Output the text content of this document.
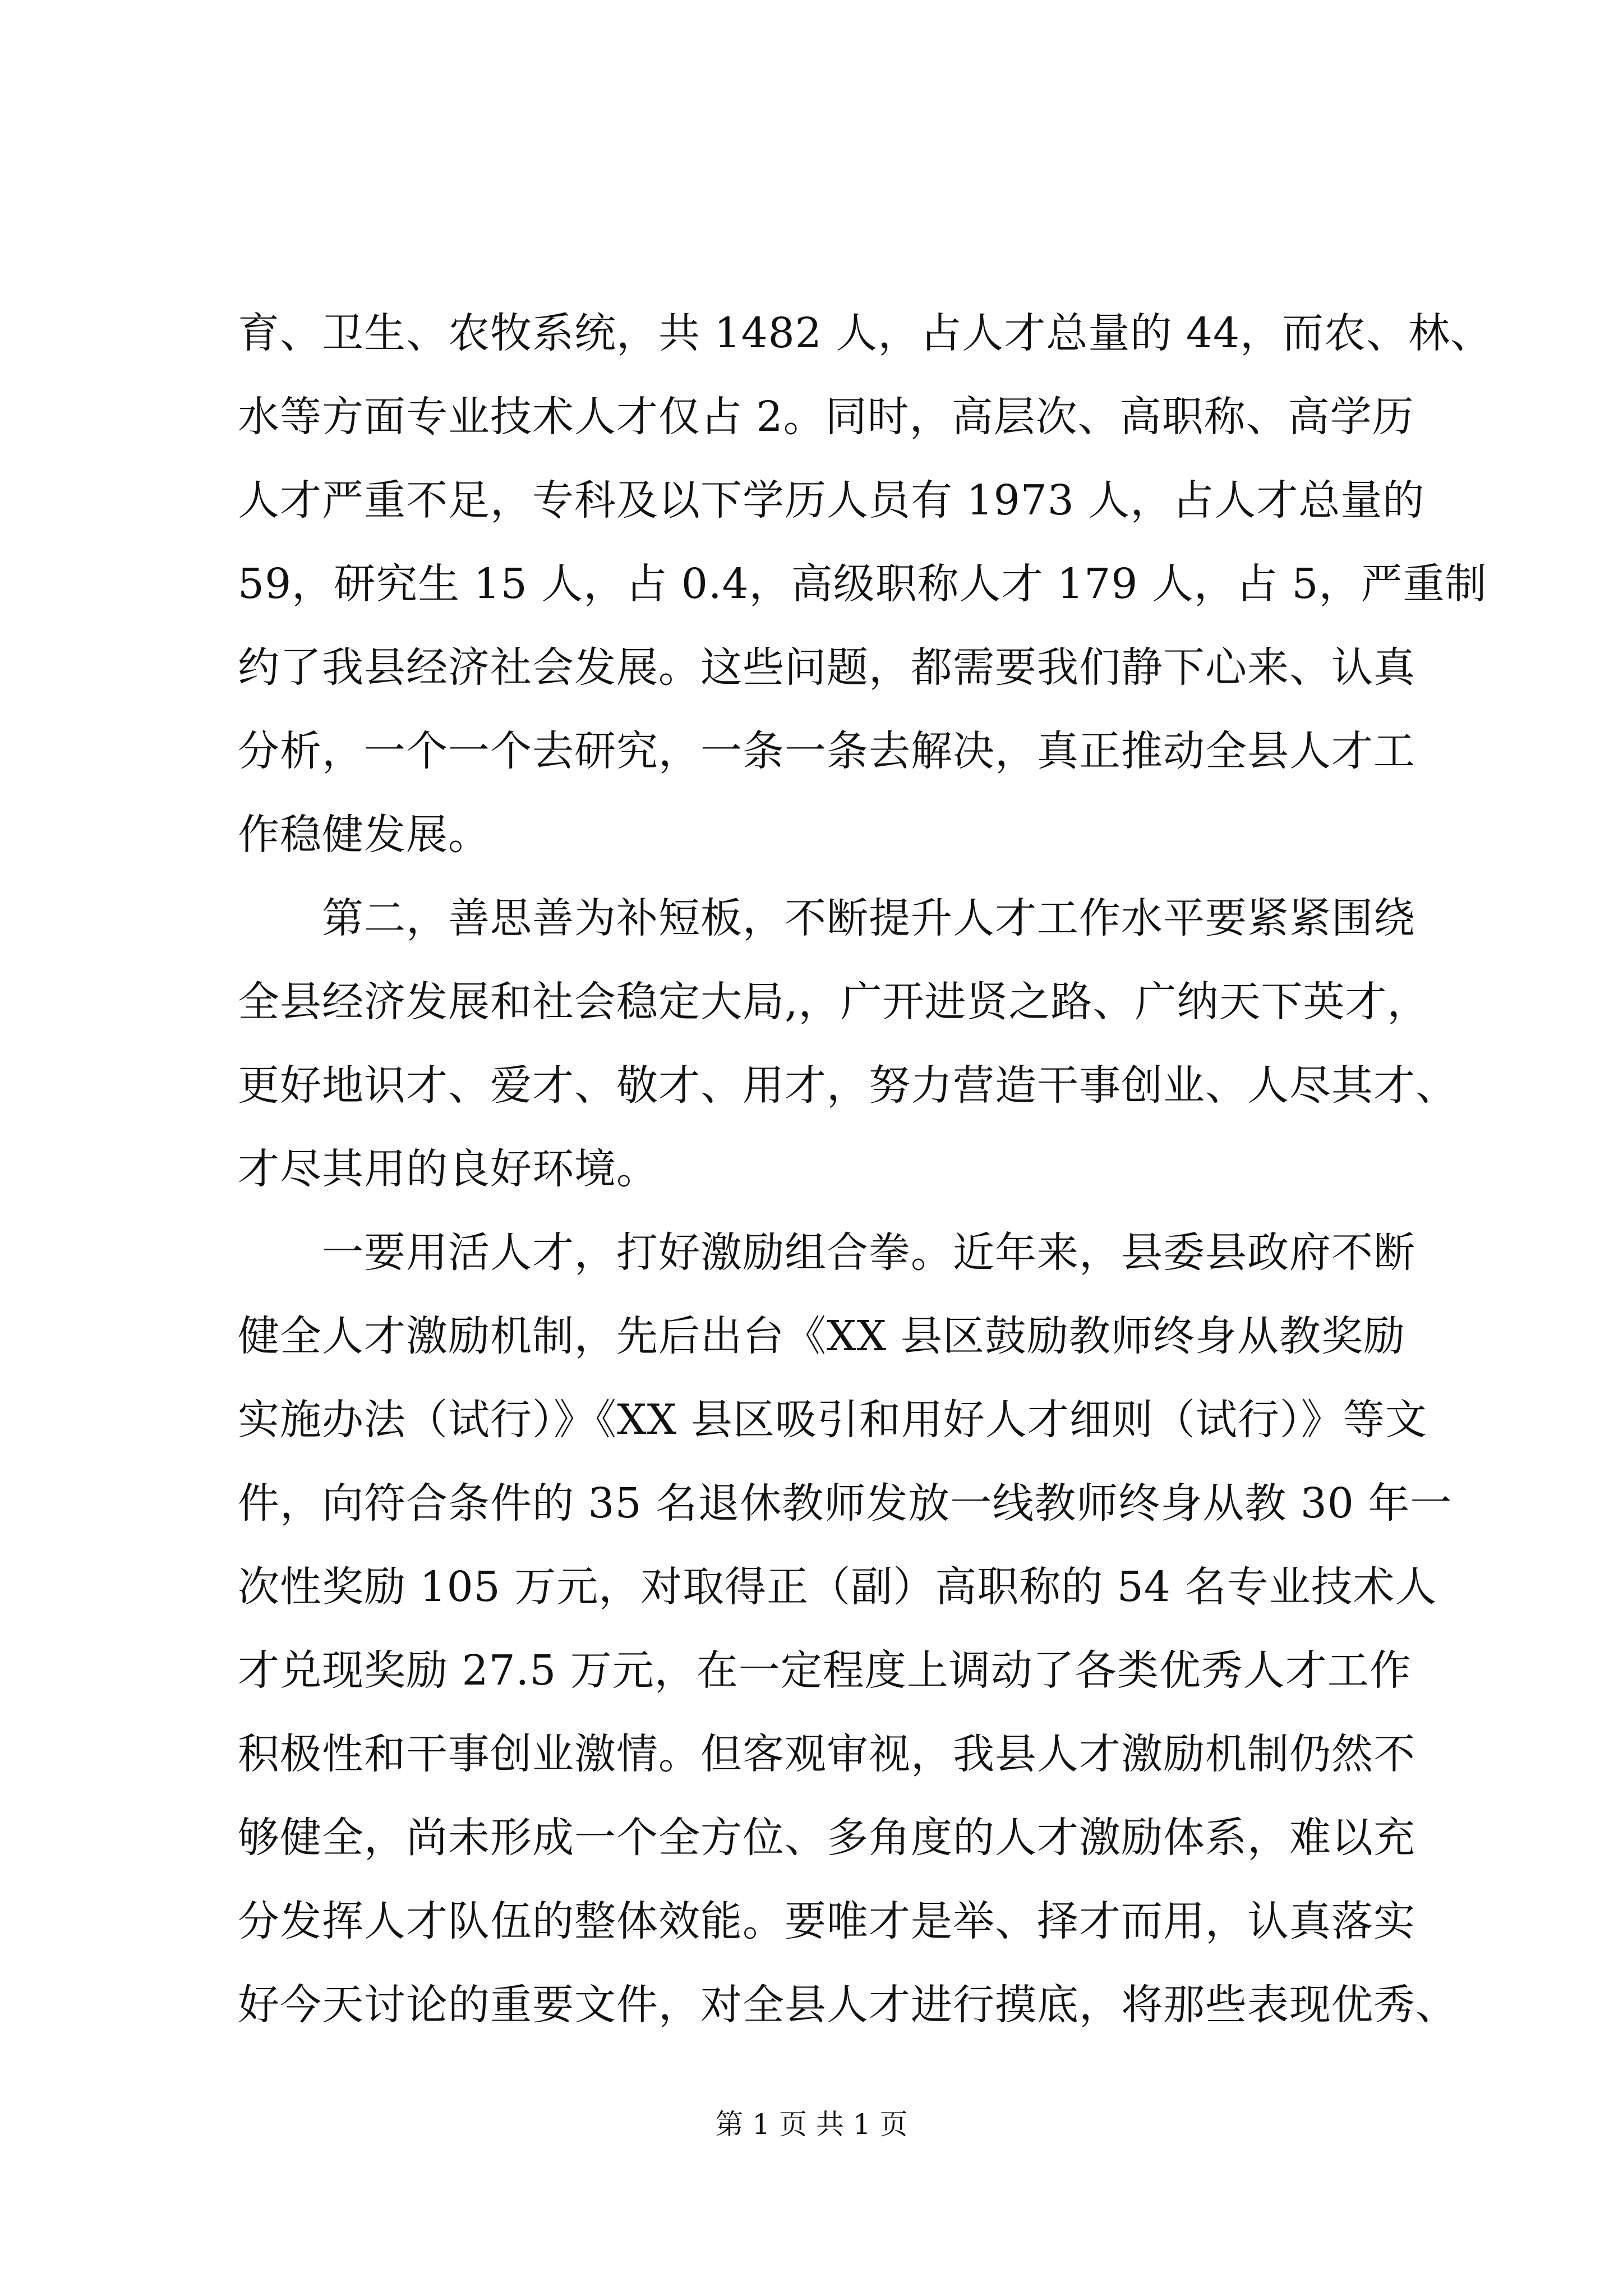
育、卫生、农牧系统，共 1482 人，占人才总量的 44，而农、林、
水等方面专业技术人才仅占 2。同时，高层次、高职称、高学历
人才严重不足，专科及以下学历人员有 1973 人，占人才总量的
59，研究生 15 人，占 0.4，高级职称人才 179 人，占 5，严重制
约了我县经济社会发展。这些问题，都需要我们静下心来、认真
分析，一个一个去研究，一条一条去解决，真正推动全县人才工
作稳健发展。
　　第二，善思善为补短板，不断提升人才工作水平要紧紧围绕
全县经济发展和社会稳定大局,，广开进贤之路、广纳天下英才，
更好地识才、爱才、敬才、用才，努力营造干事创业、人尽其才、
才尽其用的良好环境。
　　一要用活人才，打好激励组合拳。近年来，县委县政府不断
健全人才激励机制，先后出台《XX 县区鼓励教师终身从教奖励
实施办法（试行）》《XX 县区吸引和用好人才细则（试行）》等文
件，向符合条件的 35 名退休教师发放一线教师终身从教 30 年一
次性奖励 105 万元，对取得正（副）高职称的 54 名专业技术人
才兑现奖励 27.5 万元，在一定程度上调动了各类优秀人才工作
积极性和干事创业激情。但客观审视，我县人才激励机制仍然不
够健全，尚未形成一个全方位、多角度的人才激励体系，难以充
分发挥人才队伍的整体效能。要唯才是举、择才而用，认真落实
好今天讨论的重要文件，对全县人才进行摸底，将那些表现优秀、
第 1 页 共 1 页
